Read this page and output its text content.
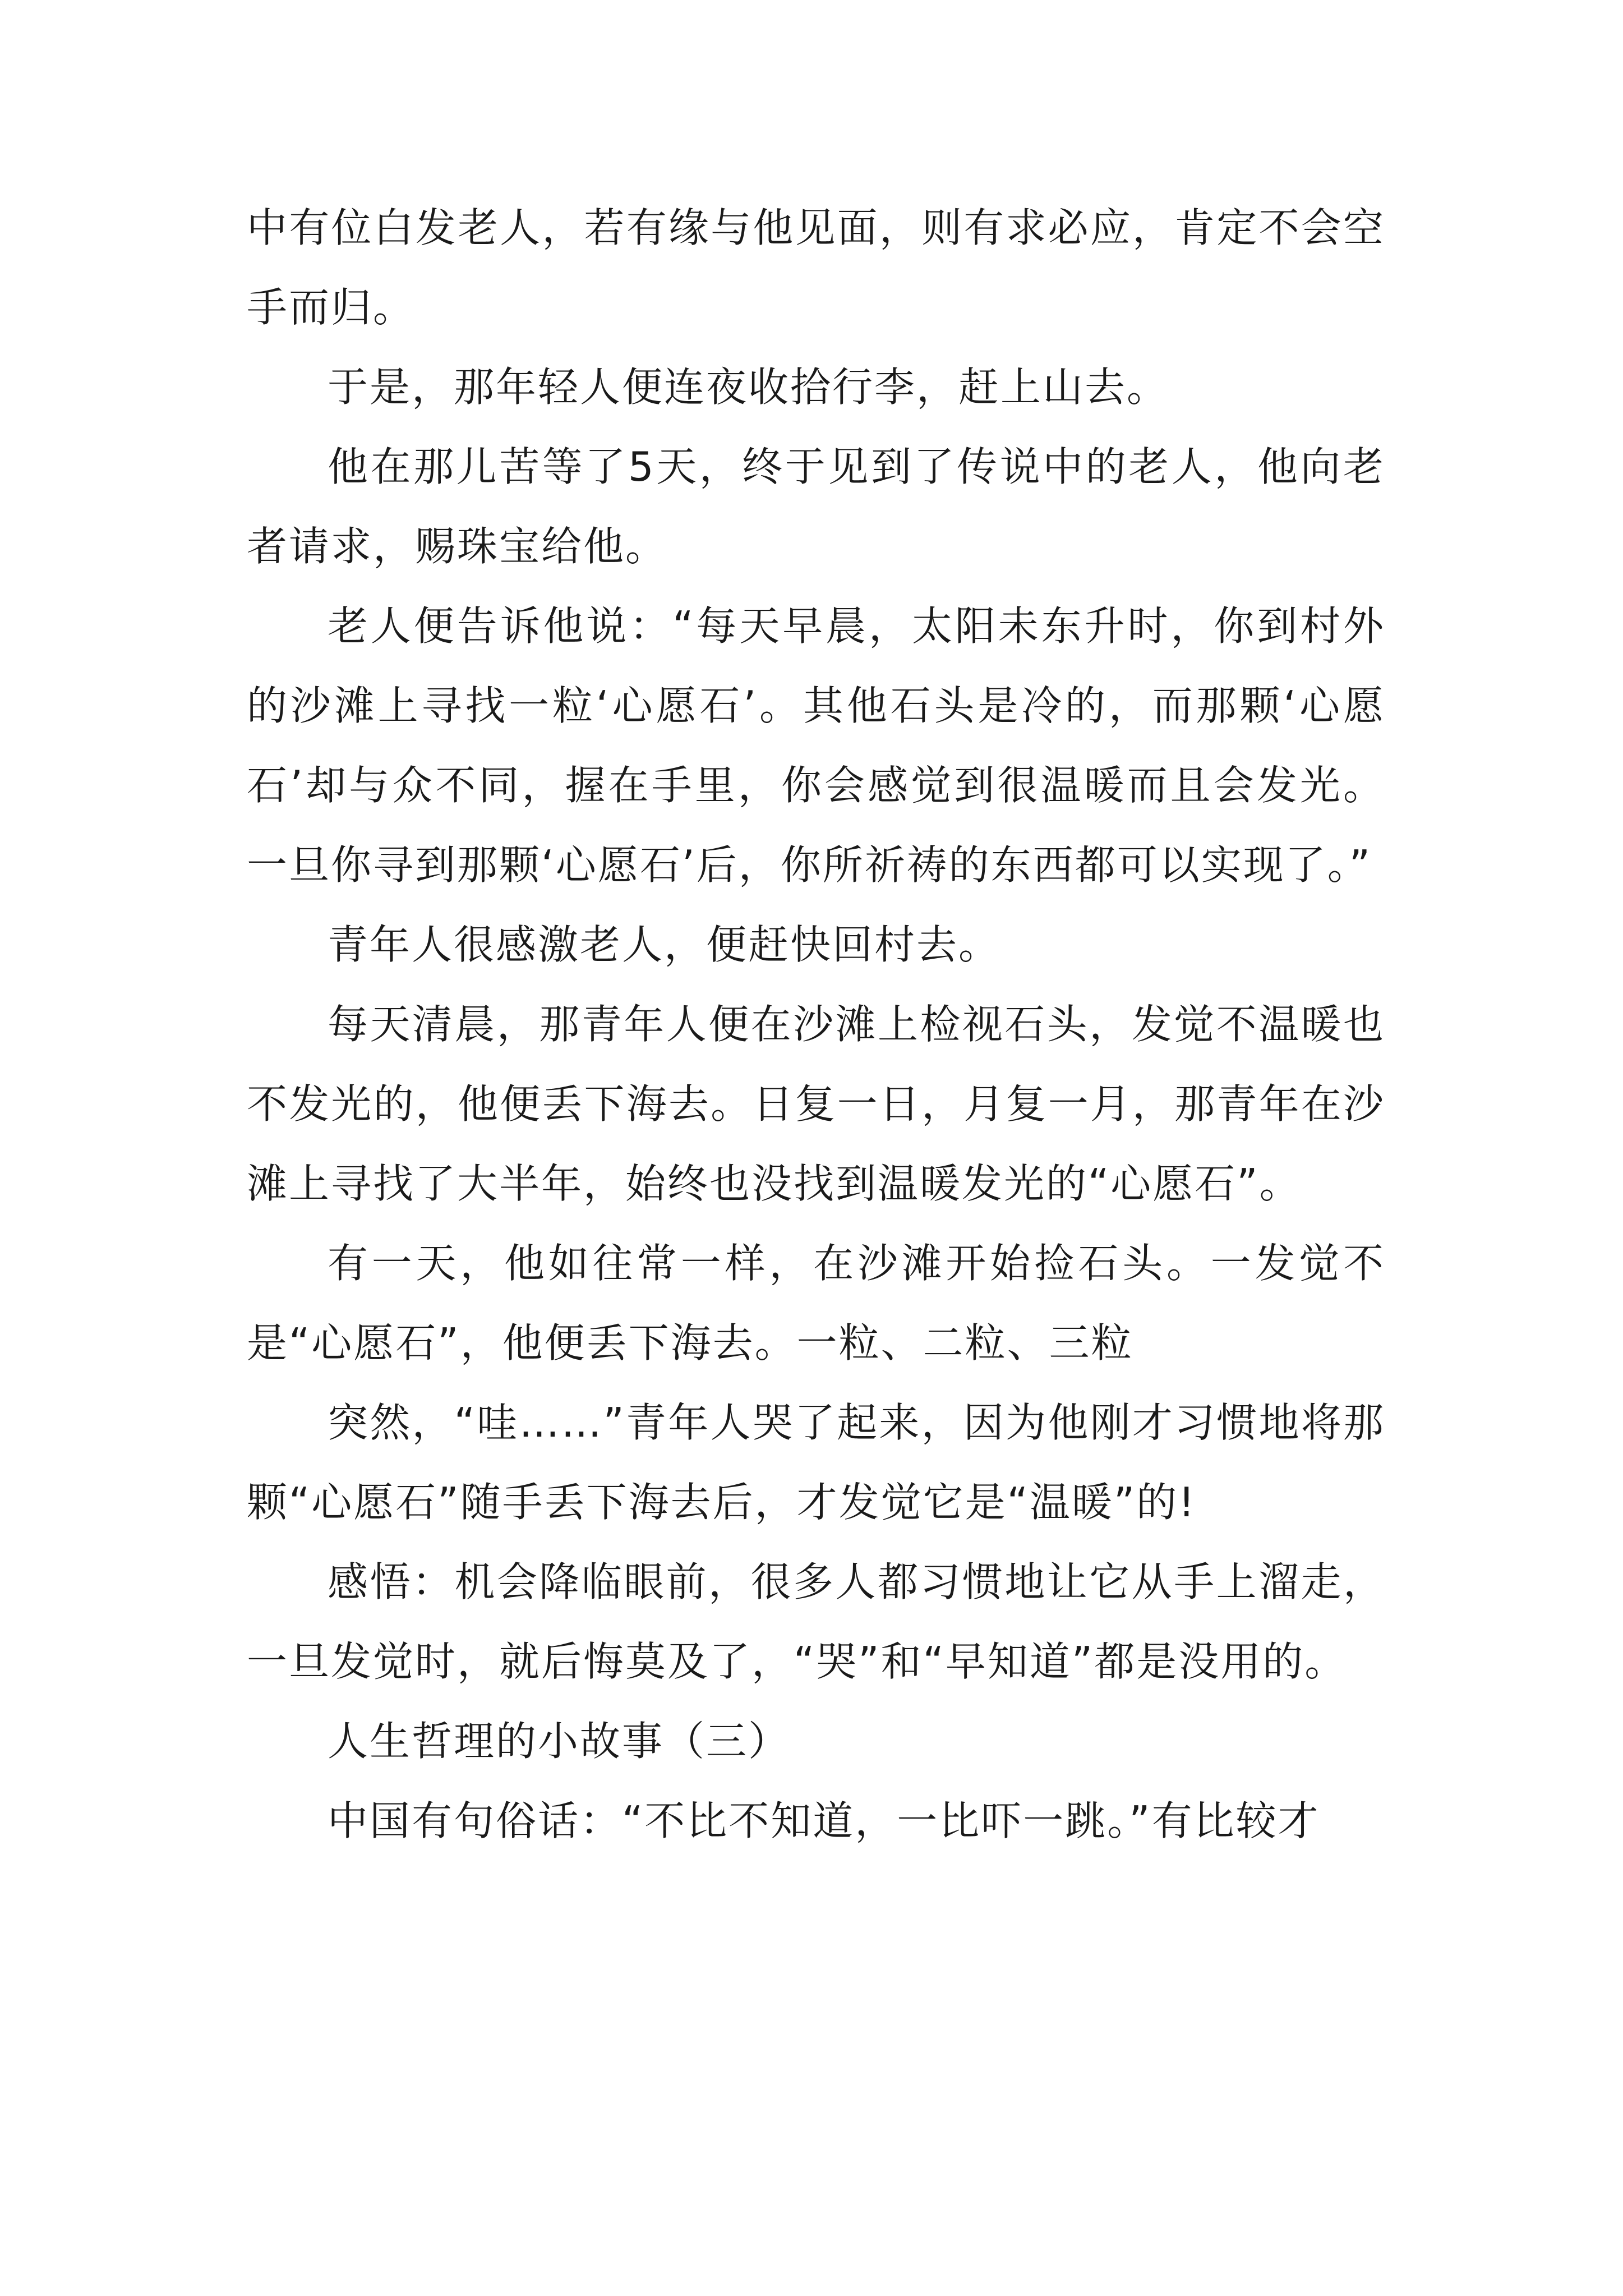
中有位白发老人，若有缘与他见面，则有求必应，肯定不会空手而归。

于是，那年轻人便连夜收拾行李，赶上山去。

他在那儿苦等了5天，终于见到了传说中的老人，他向老者请求，赐珠宝给他。

老人便告诉他说：“每天早晨，太阳未东升时，你到村外的沙滩上寻找一粒‘心愿石’。其他石头是冷的，而那颗‘心愿石’却与众不同，握在手里，你会感觉到很温暖而且会发光。一旦你寻到那颗‘心愿石’后，你所祈祷的东西都可以实现了。”

青年人很感激老人，便赶快回村去。

每天清晨，那青年人便在沙滩上检视石头，发觉不温暖也不发光的，他便丢下海去。日复一日，月复一月，那青年在沙滩上寻找了大半年，始终也没找到温暖发光的“心愿石”。

有一天，他如往常一样，在沙滩开始捡石头。一发觉不是“心愿石”，他便丢下海去。一粒、二粒、三粒

突然，“哇……”青年人哭了起来，因为他刚才习惯地将那颗“心愿石”随手丢下海去后，才发觉它是“温暖”的!

感悟：机会降临眼前，很多人都习惯地让它从手上溜走，一旦发觉时，就后悔莫及了，“哭”和“早知道”都是没用的。

人生哲理的小故事（三）

中国有句俗话：“不比不知道，一比吓一跳。”有比较才
